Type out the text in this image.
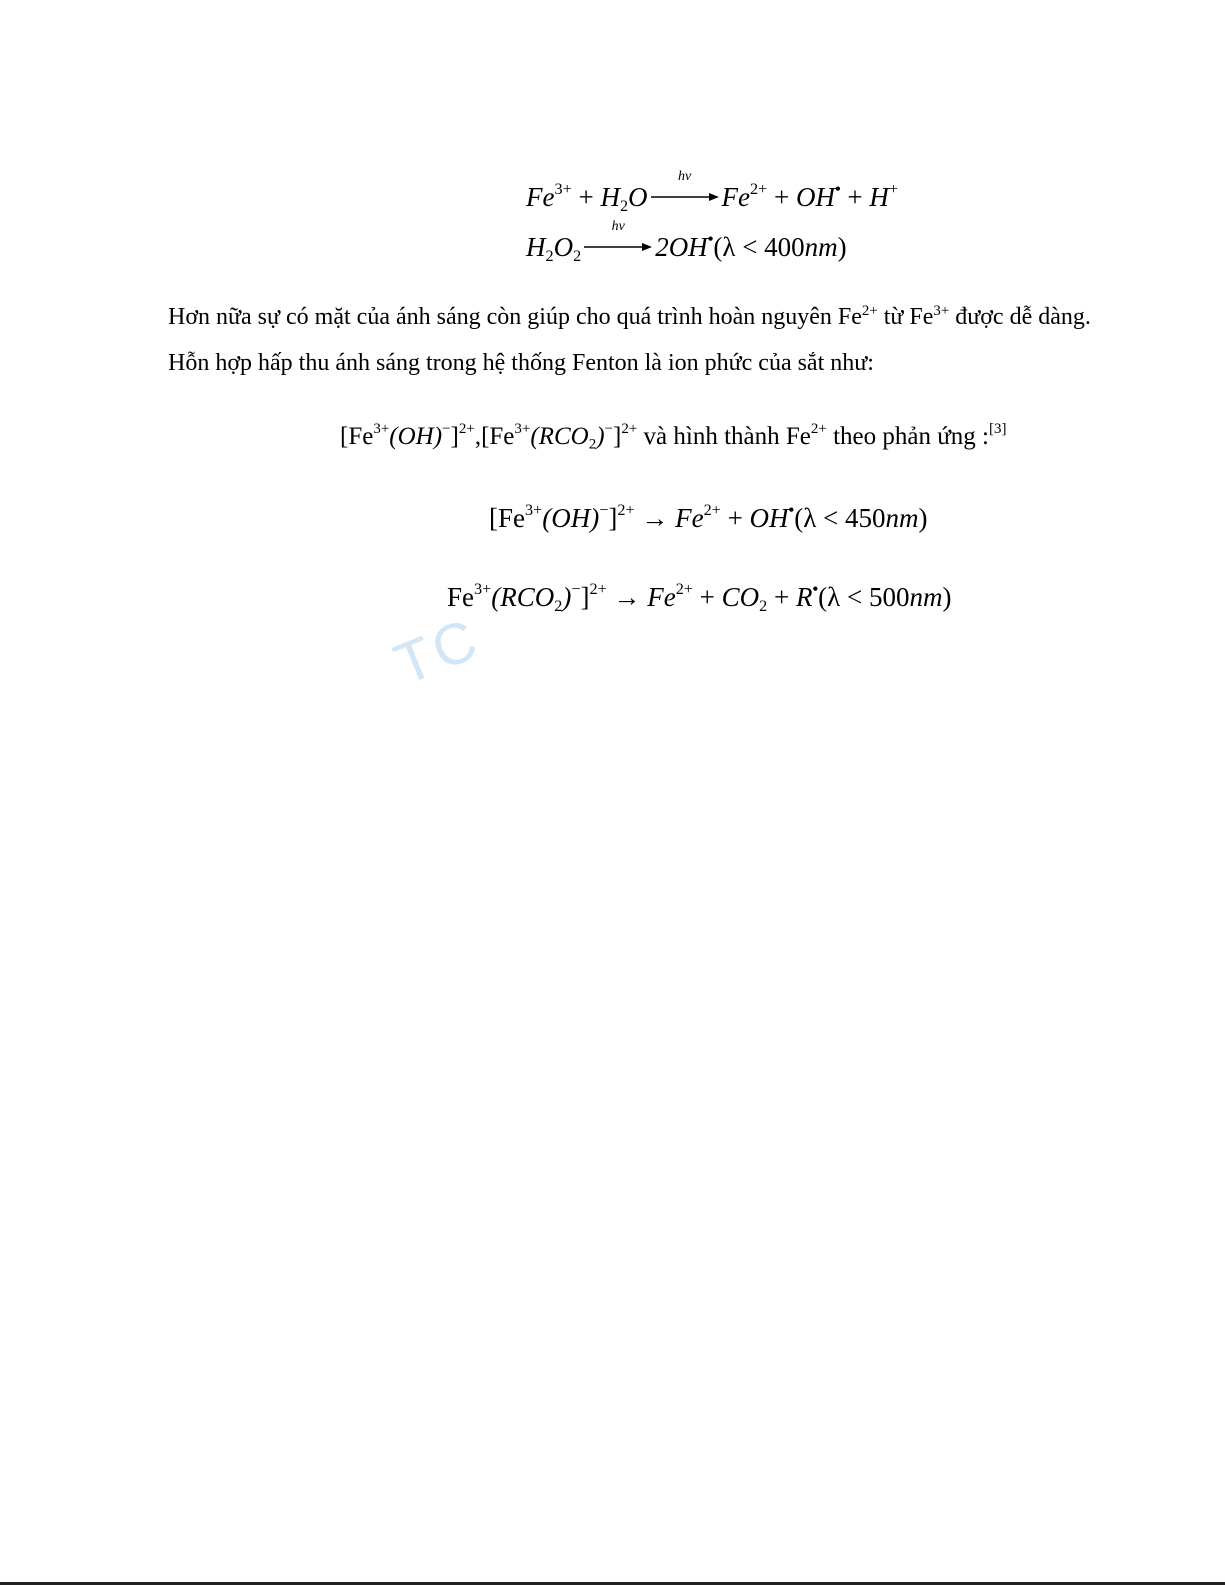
$Fe^{3+} + H_2O$
hv
$Fe^{2+} + OH^• + H^+$
$H_2O_2$
hv
2OH•(λ < 400nm)
Hơn nữa sự có mặt của ánh sáng còn giúp cho quá trình hoàn nguyên $Fe^{2+}$ từ $Fe^{3+}$ được dễ dàng.
Hỗn hợp hấp thu ánh sáng trong hệ thống Fenton là ion phức của sắt như:
$[Fe^{3+}(OH)^-]^{2+},[Fe^{3+}(RCO_2)^-]^{2+}$ và hình thành $Fe^{2+}$ theo phản ứng :[3]
$[Fe^{3+}(OH)^-]^{2+} \to Fe^{2+} + OH^•(\lambda < 450nm)$
$Fe^{3+}(RCO_2)^-]^{2+} \to Fe^{2+} + CO_2 + R^•(\lambda < 500nm)$
TC
